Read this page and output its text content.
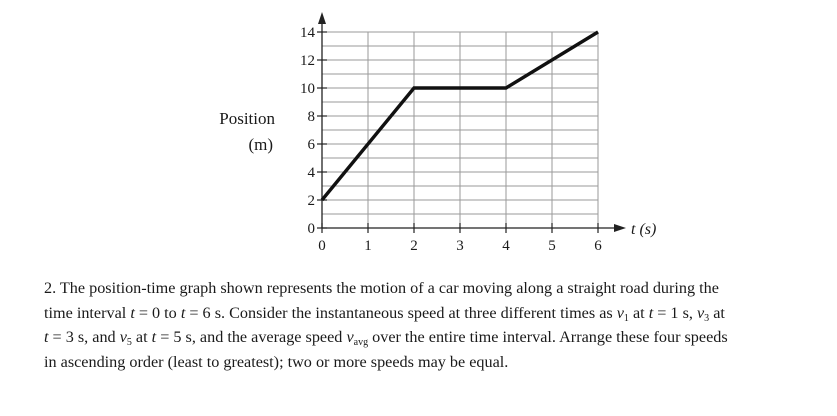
0
2
4
6
8
10
12
14
0	1	2	3	4	5	6
Position
(m)
t (s)

2. The position-time graph shown represents the motion of a car moving along a straight road during the
time interval t = 0 to t = 6 s. Consider the instantaneous speed at three different times as $v_1$ at t = 1 s, $v_3$ at
t = 3 s, and $v_5$ at t = 5 s, and the average speed $v_{avg}$ over the entire time interval. Arrange these four speeds
in ascending order (least to greatest); two or more speeds may be equal.
